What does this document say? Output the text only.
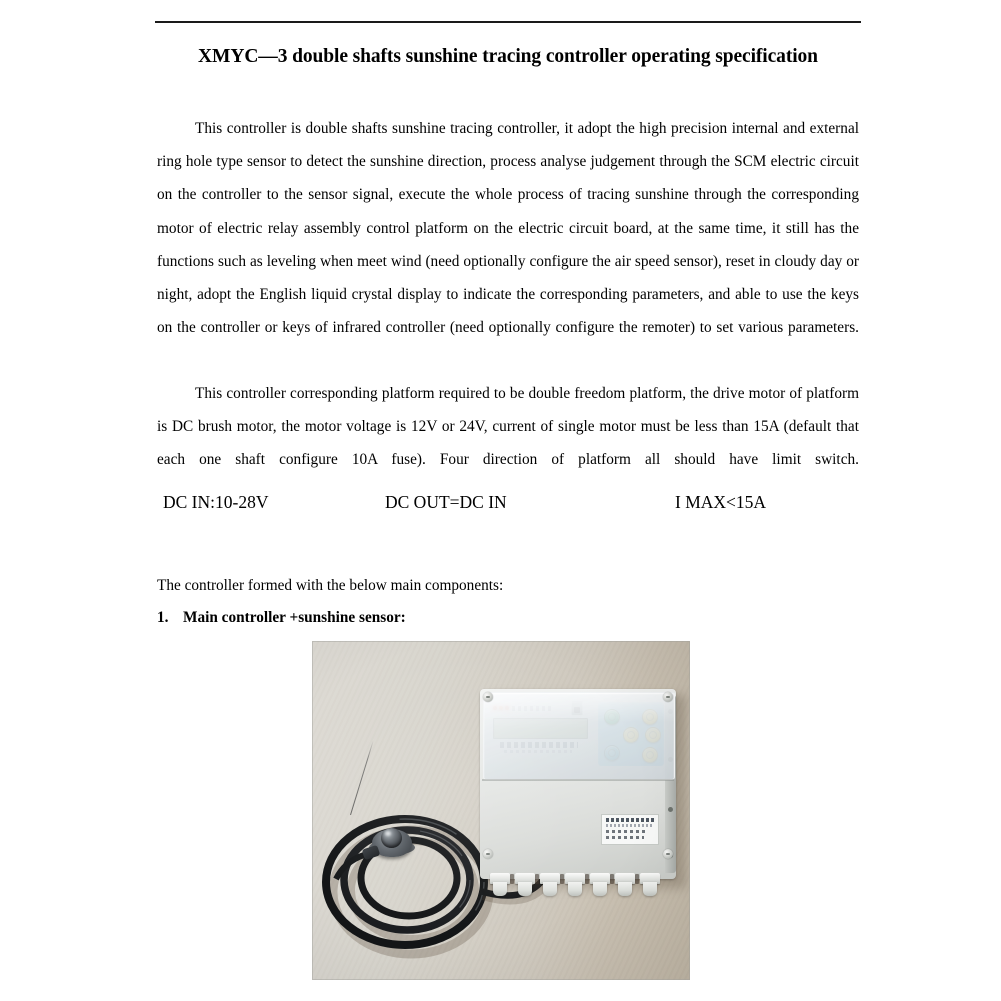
XMYC—3 double shafts sunshine tracing controller operating specification

This controller is double shafts sunshine tracing controller, it adopt the high precision internal and external ring hole type sensor to detect the sunshine direction, process analyse judgement through the SCM electric circuit on the controller to the sensor signal, execute the whole process of tracing sunshine through the corresponding motor of electric relay assembly control platform on the electric circuit board, at the same time, it still has the functions such as leveling when meet wind (need optionally configure the air speed sensor), reset in cloudy day or night, adopt the English liquid crystal display to indicate the corresponding parameters, and able to use the keys on the controller or keys of infrared controller (need optionally configure the remoter) to set various parameters.

This controller corresponding platform required to be double freedom platform, the drive motor of platform is DC brush motor, the motor voltage is 12V or 24V, current of single motor must be less than 15A (default that each one shaft configure 10A fuse). Four direction of platform all should have limit switch.

DC IN:10-28V	DC OUT=DC IN	I MAX<15A
The controller formed with the below main components:
1. Main controller +sunshine sensor:
